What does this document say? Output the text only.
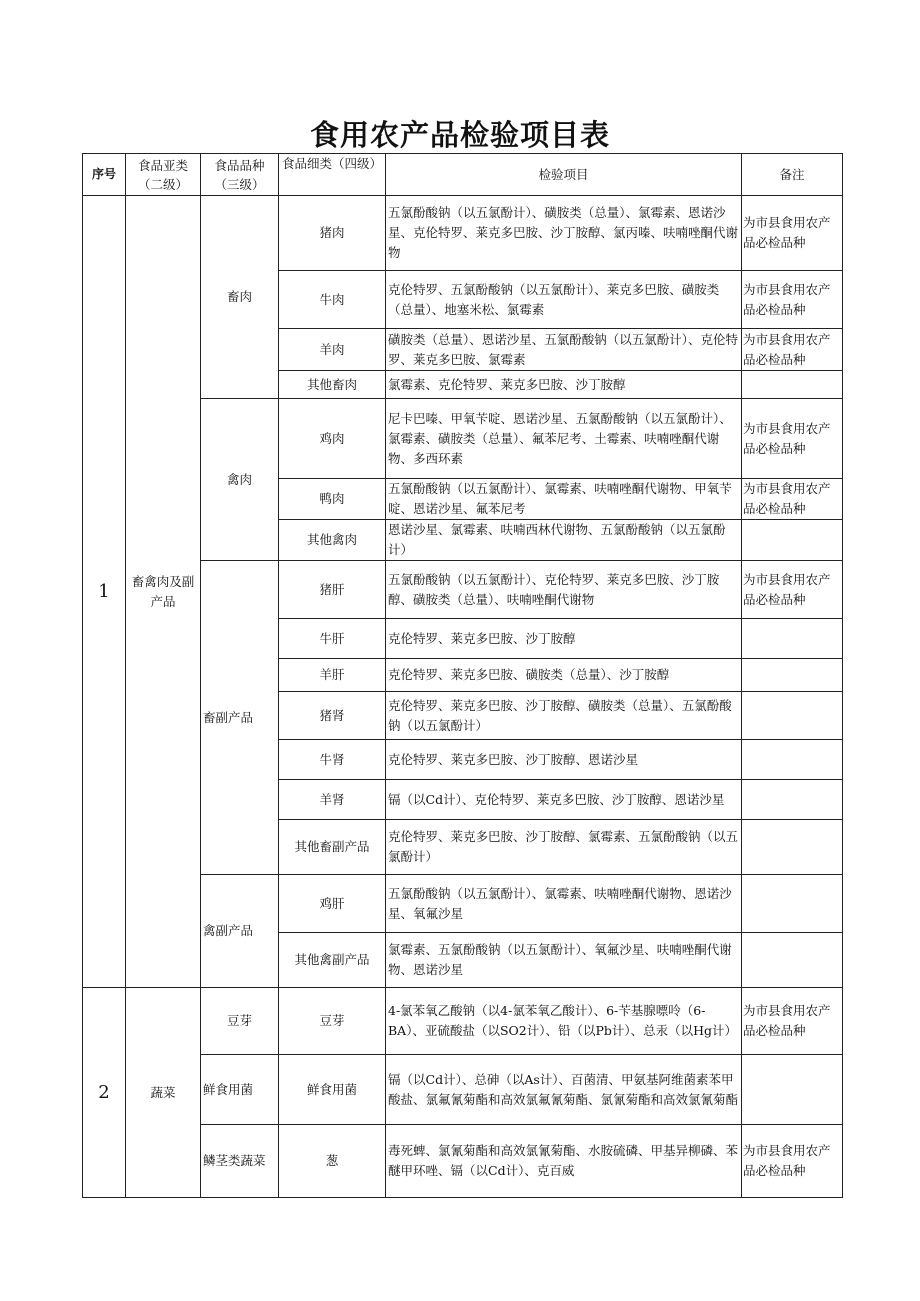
食用农产品检验项目表
序号	食品亚类（二级）	食品品种（三级）	食品细类（四级）	检验项目	备注
1	畜禽肉及副产品	畜肉	猪肉	五氯酚酸钠（以五氯酚计）、磺胺类（总量）、氯霉素、恩诺沙星、克伦特罗、莱克多巴胺、沙丁胺醇、氯丙嗪、呋喃唑酮代谢物	为市县食用农产品必检品种
			牛肉	克伦特罗、五氯酚酸钠（以五氯酚计）、莱克多巴胺、磺胺类（总量）、地塞米松、氯霉素	为市县食用农产品必检品种
			羊肉	磺胺类（总量）、恩诺沙星、五氯酚酸钠（以五氯酚计）、克伦特罗、莱克多巴胺、氯霉素	为市县食用农产品必检品种
			其他畜肉	氯霉素、克伦特罗、莱克多巴胺、沙丁胺醇	
		禽肉	鸡肉	尼卡巴嗪、甲氧苄啶、恩诺沙星、五氯酚酸钠（以五氯酚计）、氯霉素、磺胺类（总量）、氟苯尼考、土霉素、呋喃唑酮代谢物、多西环素	为市县食用农产品必检品种
			鸭肉	五氯酚酸钠（以五氯酚计）、氯霉素、呋喃唑酮代谢物、甲氧苄啶、恩诺沙星、氟苯尼考	为市县食用农产品必检品种
			其他禽肉	恩诺沙星、氯霉素、呋喃西林代谢物、五氯酚酸钠（以五氯酚计）	
		畜副产品	猪肝	五氯酚酸钠（以五氯酚计）、克伦特罗、莱克多巴胺、沙丁胺醇、磺胺类（总量）、呋喃唑酮代谢物	为市县食用农产品必检品种
			牛肝	克伦特罗、莱克多巴胺、沙丁胺醇	
			羊肝	克伦特罗、莱克多巴胺、磺胺类（总量）、沙丁胺醇	
			猪肾	克伦特罗、莱克多巴胺、沙丁胺醇、磺胺类（总量）、五氯酚酸钠（以五氯酚计）	
			牛肾	克伦特罗、莱克多巴胺、沙丁胺醇、恩诺沙星	
			羊肾	镉（以Cd计）、克伦特罗、莱克多巴胺、沙丁胺醇、恩诺沙星	
			其他畜副产品	克伦特罗、莱克多巴胺、沙丁胺醇、氯霉素、五氯酚酸钠（以五氯酚计）	
		禽副产品	鸡肝	五氯酚酸钠（以五氯酚计）、氯霉素、呋喃唑酮代谢物、恩诺沙星、氧氟沙星	
			其他禽副产品	氯霉素、五氯酚酸钠（以五氯酚计）、氧氟沙星、呋喃唑酮代谢物、恩诺沙星	
2	蔬菜	豆芽	豆芽	4-氯苯氧乙酸钠（以4-氯苯氧乙酸计）、6-苄基腺嘌呤（6-BA）、亚硫酸盐（以SO2计）、铅（以Pb计）、总汞（以Hg计）	为市县食用农产品必检品种
		鲜食用菌	鲜食用菌	镉（以Cd计）、总砷（以As计）、百菌清、甲氨基阿维菌素苯甲酸盐、氯氟氰菊酯和高效氯氟氰菊酯、氯氰菊酯和高效氯氰菊酯	
		鳞茎类蔬菜	葱	毒死蜱、氯氰菊酯和高效氯氰菊酯、水胺硫磷、甲基异柳磷、苯醚甲环唑、镉（以Cd计）、克百威	为市县食用农产品必检品种
